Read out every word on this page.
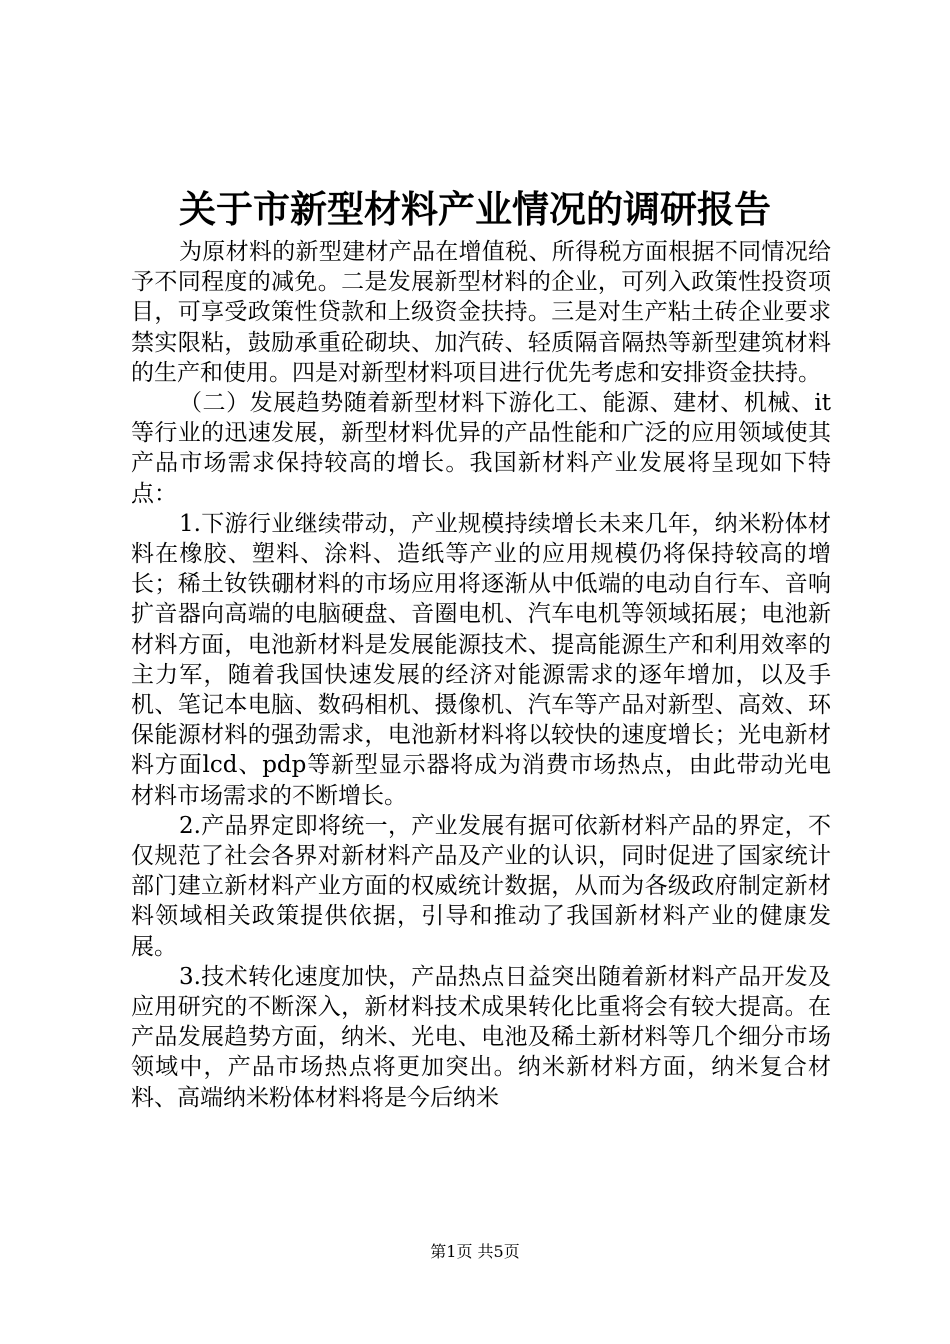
关于市新型材料产业情况的调研报告

为原材料的新型建材产品在增值税、所得税方面根据不同情况给予不同程度的减免。二是发展新型材料的企业，可列入政策性投资项目，可享受政策性贷款和上级资金扶持。三是对生产粘土砖企业要求禁实限粘，鼓励承重砼砌块、加汽砖、轻质隔音隔热等新型建筑材料的生产和使用。四是对新型材料项目进行优先考虑和安排资金扶持。

（二）发展趋势随着新型材料下游化工、能源、建材、机械、it等行业的迅速发展，新型材料优异的产品性能和广泛的应用领域使其产品市场需求保持较高的增长。我国新材料产业发展将呈现如下特点：

1.下游行业继续带动，产业规模持续增长未来几年，纳米粉体材料在橡胶、塑料、涂料、造纸等产业的应用规模仍将保持较高的增长；稀土钕铁硼材料的市场应用将逐渐从中低端的电动自行车、音响扩音器向高端的电脑硬盘、音圈电机、汽车电机等领域拓展；电池新材料方面，电池新材料是发展能源技术、提高能源生产和利用效率的主力军，随着我国快速发展的经济对能源需求的逐年增加，以及手机、笔记本电脑、数码相机、摄像机、汽车等产品对新型、高效、环保能源材料的强劲需求，电池新材料将以较快的速度增长；光电新材料方面lcd、pdp等新型显示器将成为消费市场热点，由此带动光电材料市场需求的不断增长。

2.产品界定即将统一，产业发展有据可依新材料产品的界定，不仅规范了社会各界对新材料产品及产业的认识，同时促进了国家统计部门建立新材料产业方面的权威统计数据，从而为各级政府制定新材料领域相关政策提供依据，引导和推动了我国新材料产业的健康发展。

3.技术转化速度加快，产品热点日益突出随着新材料产品开发及应用研究的不断深入，新材料技术成果转化比重将会有较大提高。在产品发展趋势方面，纳米、光电、电池及稀土新材料等几个细分市场领域中，产品市场热点将更加突出。纳米新材料方面，纳米复合材料、高端纳米粉体材料将是今后纳米

第1页 共5页
